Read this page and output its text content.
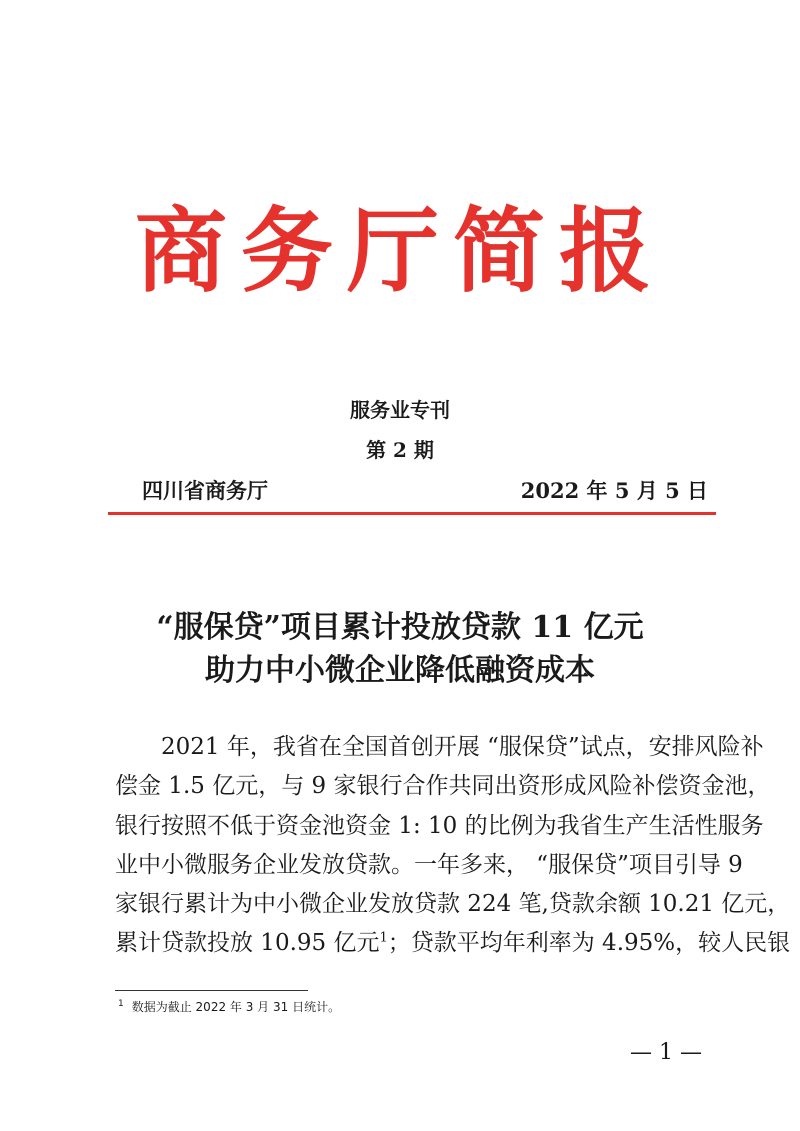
商务厅简报
服务业专刊
第 2 期
四川省商务厅	2022 年 5 月 5 日
“服保贷”项目累计投放贷款 11 亿元
助力中小微企业降低融资成本
2021 年，我省在全国首创开展 “服保贷”试点，安排风险补
偿金 1.5 亿元，与 9 家银行合作共同出资形成风险补偿资金池，
银行按照不低于资金池资金 1: 10 的比例为我省生产生活性服务
业中小微服务企业发放贷款。一年多来， “服保贷”项目引导 9
家银行累计为中小微企业发放贷款 224 笔,贷款余额 10.21 亿元，
累计贷款投放 10.95 亿元$^1$；贷款平均年利率为 4.95%，较人民银
$^1$ 数据为截止 2022 年 3 月 31 日统计。
— 1 —
